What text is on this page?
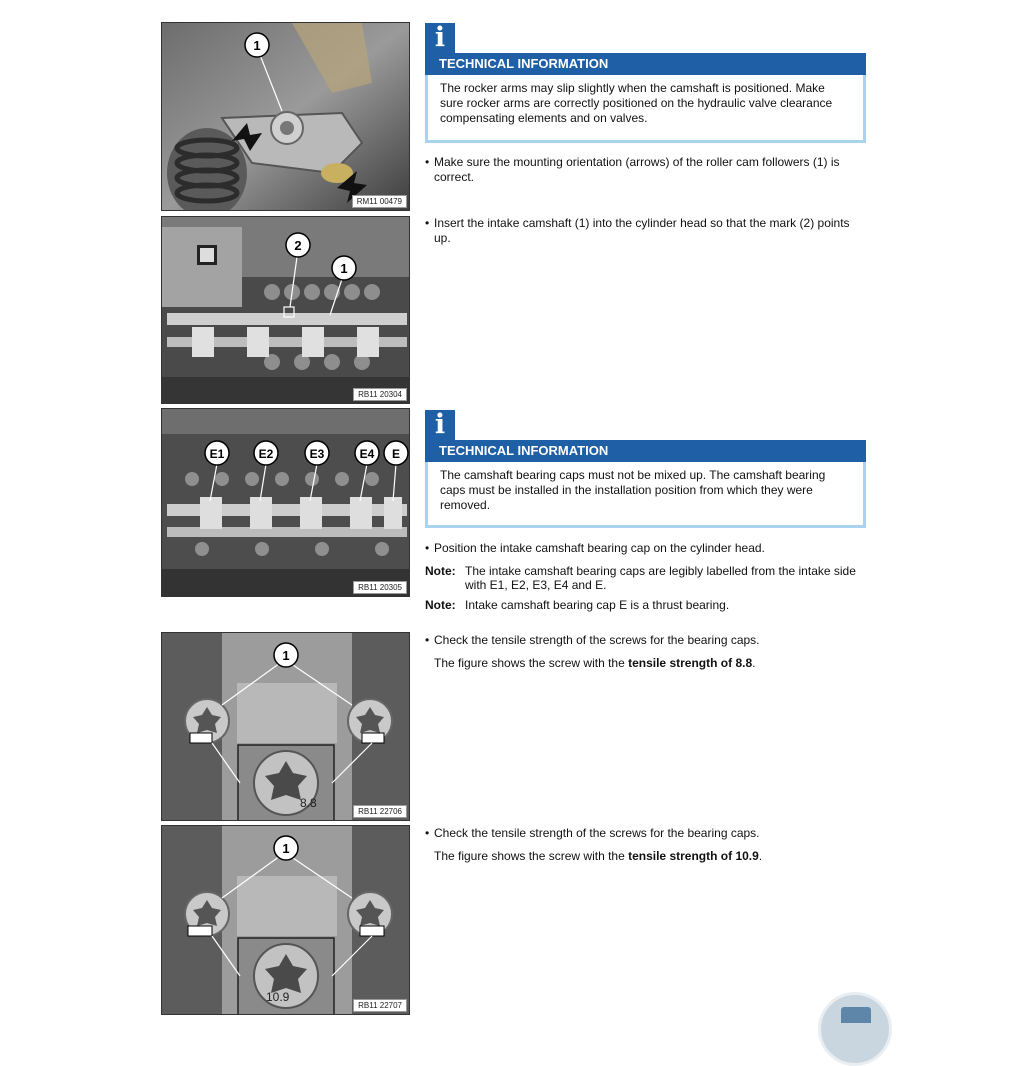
1
RM11 00479
2
1
RB11 20304
E1	E2	E3	E4 E
RB11 20305
8.8
1
RB11 22706
10.9
1
RB11 22707
i
TECHNICAL INFORMATION
The rocker arms may slip slightly when the camshaft is positioned. Make sure rocker arms are correctly positioned on the hydraulic valve clearance compensating elements and on valves.
i
TECHNICAL INFORMATION
The camshaft bearing caps must not be mixed up. The camshaft bearing caps must be installed in the installation position from which they were removed.
• Make sure the mounting orientation (arrows) of the roller cam followers (1) is correct.
• Insert the intake camshaft (1) into the cylinder head so that the mark (2) points up.
• Position the intake camshaft bearing cap on the cylinder head.
Note: The intake camshaft bearing caps are legibly labelled from the intake side with E1, E2, E3, E4 and E.
Note: Intake camshaft bearing cap E is a thrust bearing.
• Check the tensile strength of the screws for the bearing caps.
The figure shows the screw with the tensile strength of 8.8.
• Check the tensile strength of the screws for the bearing caps.
The figure shows the screw with the tensile strength of 10.9.
